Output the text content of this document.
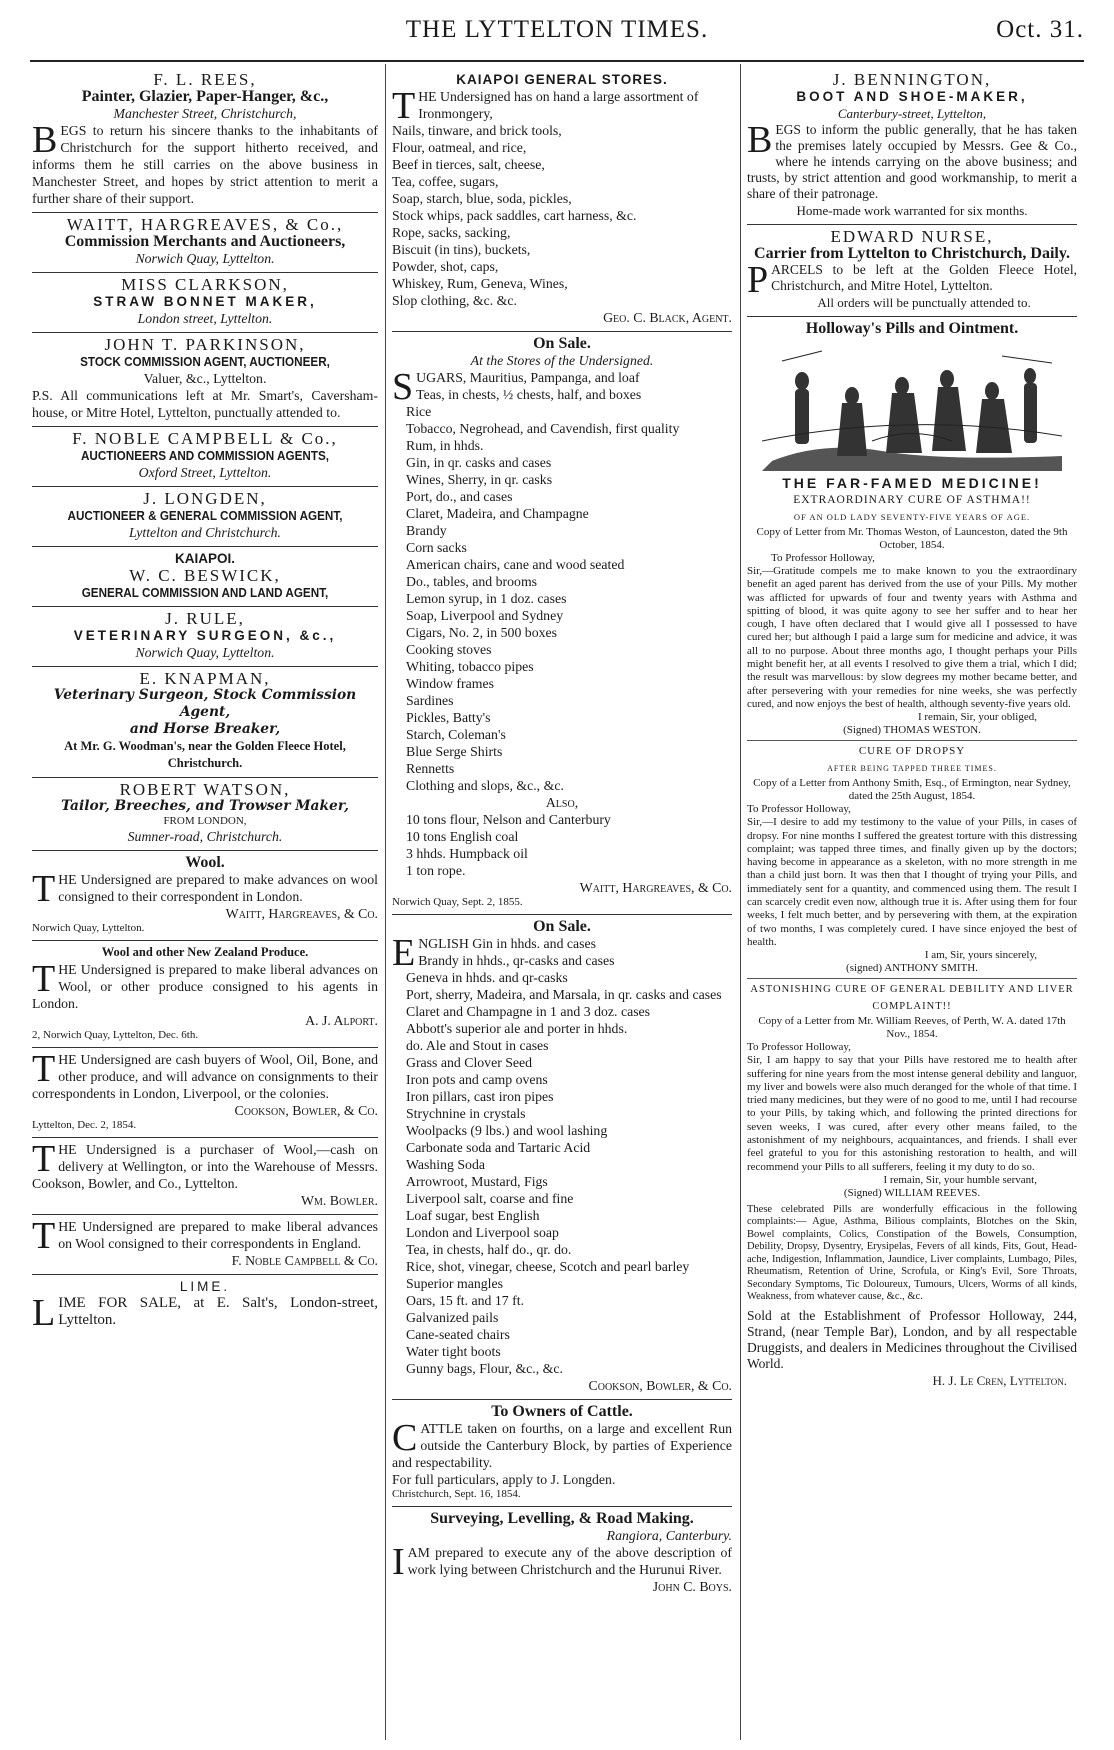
THE LYTTELTON TIMES.	Oct. 31.
F. L. REES,
Painter, Glazier, Paper-Hanger, &c.,
Manchester Street, Christchurch,
BEGS to return his sincere thanks to the inhabitants of Christchurch for the support hitherto received, and informs them he still carries on the above business in Manchester Street, and hopes by strict attention to merit a further share of their support.
WAITT, HARGREAVES, & Co.,
Commission Merchants and Auctioneers,
Norwich Quay, Lyttelton.
MISS CLARKSON,
STRAW BONNET MAKER,
London street, Lyttelton.
JOHN T. PARKINSON,
STOCK COMMISSION AGENT, AUCTIONEER,
Valuer, &c., Lyttelton.
P.S. All communications left at Mr. Smart's, Caversham-house, or Mitre Hotel, Lyttelton, punctually attended to.
F. NOBLE CAMPBELL & Co.,
AUCTIONEERS AND COMMISSION AGENTS,
Oxford Street, Lyttelton.
J. LONGDEN,
AUCTIONEER & GENERAL COMMISSION AGENT,
Lyttelton and Christchurch.
KAIAPOI.
W. C. BESWICK,
GENERAL COMMISSION AND LAND AGENT,
J. RULE,
VETERINARY SURGEON, &c.,
Norwich Quay, Lyttelton.
E. KNAPMAN,
Veterinary Surgeon, Stock Commission Agent,
and Horse Breaker,
At Mr. G. Woodman's, near the Golden Fleece Hotel, Christchurch.
ROBERT WATSON,
Tailor, Breeches, and Trowser Maker,
FROM LONDON,
Sumner-road, Christchurch.
Wool.
THE Undersigned are prepared to make advances on wool consigned to their correspondent in London.
Waitt, Hargreaves, & Co.
Norwich Quay, Lyttelton.
Wool and other New Zealand Produce.
THE Undersigned is prepared to make liberal advances on Wool, or other produce consigned to his agents in London.
A. J. Alport.
2, Norwich Quay, Lyttelton, Dec. 6th.
THE Undersigned are cash buyers of Wool, Oil, Bone, and other produce, and will advance on consignments to their correspondents in London, Liverpool, or the colonies.
Cookson, Bowler, & Co.
Lyttelton, Dec. 2, 1854.
THE Undersigned is a purchaser of Wool,—cash on delivery at Wellington, or into the Warehouse of Messrs. Cookson, Bowler, and Co., Lyttelton.
Wm. Bowler.
THE Undersigned are prepared to make liberal advances on Wool consigned to their correspondents in England.
F. Noble Campbell & Co.
LIME.
LIME FOR SALE, at E. Salt's, London-street, Lyttelton.
KAIAPOI GENERAL STORES.
THE Undersigned has on hand a large assortment of
Ironmongery,
Nails, tinware, and brick tools,
Flour, oatmeal, and rice,
Beef in tierces, salt, cheese,
Tea, coffee, sugars,
Soap, starch, blue, soda, pickles,
Stock whips, pack saddles, cart harness, &c.
Rope, sacks, sacking,
Biscuit (in tins), buckets,
Powder, shot, caps,
Whiskey, Rum, Geneva, Wines,
Slop clothing, &c. &c.
Geo. C. Black, Agent.
On Sale.
At the Stores of the Undersigned.
SUGARS, Mauritius, Pampanga, and loaf
Teas, in chests, ½ chests, half, and boxes
Rice
Tobacco, Negrohead, and Cavendish, first quality
Rum, in hhds.
Gin, in qr. casks and cases
Wines, Sherry, in qr. casks
Port, do., and cases
Claret, Madeira, and Champagne
Brandy
Corn sacks
American chairs, cane and wood seated
Do., tables, and brooms
Lemon syrup, in 1 doz. cases
Soap, Liverpool and Sydney
Cigars, No. 2, in 500 boxes
Cooking stoves
Whiting, tobacco pipes
Window frames
Sardines
Pickles, Batty's
Starch, Coleman's
Blue Serge Shirts
Rennetts
Clothing and slops, &c., &c.
Also,
10 tons flour, Nelson and Canterbury
10 tons English coal
3 hhds. Humpback oil
1 ton rope.
Waitt, Hargreaves, & Co.
Norwich Quay, Sept. 2, 1855.
On Sale.
ENGLISH Gin in hhds. and cases
Brandy in hhds., qr-casks and cases
Geneva in hhds. and qr-casks
Port, sherry, Madeira, and Marsala, in qr. casks and cases
Claret and Champagne in 1 and 3 doz. cases
Abbott's superior ale and porter in hhds.
do. Ale and Stout in cases
Grass and Clover Seed
Iron pots and camp ovens
Iron pillars, cast iron pipes
Strychnine in crystals
Woolpacks (9 lbs.) and wool lashing
Carbonate soda and Tartaric Acid
Washing Soda
Arrowroot, Mustard, Figs
Liverpool salt, coarse and fine
Loaf sugar, best English
London and Liverpool soap
Tea, in chests, half do., qr. do.
Rice, shot, vinegar, cheese, Scotch and pearl barley
Superior mangles
Oars, 15 ft. and 17 ft.
Galvanized pails
Cane-seated chairs
Water tight boots
Gunny bags, Flour, &c., &c.
Cookson, Bowler, & Co.
To Owners of Cattle.
CATTLE taken on fourths, on a large and excellent Run outside the Canterbury Block, by parties of Experience and respectability.
For full particulars, apply to J. Longden.
Christchurch, Sept. 16, 1854.
Surveying, Levelling, & Road Making.
Rangiora, Canterbury.
IAM prepared to execute any of the above description of work lying between Christchurch and the Hurunui River.
John C. Boys.
J. BENNINGTON,
BOOT AND SHOE-MAKER,
Canterbury-street, Lyttelton,
BEGS to inform the public generally, that he has taken the premises lately occupied by Messrs. Gee & Co., where he intends carrying on the above business; and trusts, by strict attention and good workmanship, to merit a share of their patronage.
Home-made work warranted for six months.
EDWARD NURSE,
Carrier from Lyttelton to Christchurch, Daily.
PARCELS to be left at the Golden Fleece Hotel, Christchurch, and Mitre Hotel, Lyttelton.
All orders will be punctually attended to.
Holloway's Pills and Ointment.
THE FAR-FAMED MEDICINE!
EXTRAORDINARY CURE OF ASTHMA!!
OF AN OLD LADY SEVENTY-FIVE YEARS OF AGE.
Copy of Letter from Mr. Thomas Weston, of Launceston, dated the 9th October, 1854.
To Professor Holloway,
Sir,—Gratitude compels me to make known to you the extraordinary benefit an aged parent has derived from the use of your Pills. My mother was afflicted for upwards of four and twenty years with Asthma and spitting of blood, it was quite agony to see her suffer and to hear her cough, I have often declared that I would give all I possessed to have cured her; but although I paid a large sum for medicine and advice, it was all to no purpose. About three months ago, I thought perhaps your Pills might benefit her, at all events I resolved to give them a trial, which I did; the result was marvellous: by slow degrees my mother became better, and after persevering with your remedies for nine weeks, she was perfectly cured, and now enjoys the best of health, although seventy-five years old.
I remain, Sir, your obliged,
(Signed) THOMAS WESTON.
CURE OF DROPSY
AFTER BEING TAPPED THREE TIMES.
Copy of a Letter from Anthony Smith, Esq., of Ermington, near Sydney, dated the 25th August, 1854.
To Professor Holloway,
Sir,—I desire to add my testimony to the value of your Pills, in cases of dropsy. For nine months I suffered the greatest torture with this distressing complaint; was tapped three times, and finally given up by the doctors; having become in appearance as a skeleton, with no more strength in me than a child just born. It was then that I thought of trying your Pills, and immediately sent for a quantity, and commenced using them. The result I can scarcely credit even now, although true it is. After using them for four weeks, I felt much better, and by persevering with them, at the expiration of two months, I was completely cured. I have since enjoyed the best of health.
I am, Sir, yours sincerely,
(signed) ANTHONY SMITH.
ASTONISHING CURE OF GENERAL DEBILITY AND LIVER COMPLAINT!!
Copy of a Letter from Mr. William Reeves, of Perth, W. A. dated 17th Nov., 1854.
To Professor Holloway,
Sir, I am happy to say that your Pills have restored me to health after suffering for nine years from the most intense general debility and languor, my liver and bowels were also much deranged for the whole of that time. I tried many medicines, but they were of no good to me, until I had recourse to your Pills, by taking which, and following the printed directions for seven weeks, I was cured, after every other means failed, to the astonishment of my neighbours, acquaintances, and friends. I shall ever feel grateful to you for this astonishing restoration to health, and will recommend your Pills to all sufferers, feeling it my duty to do so.
I remain, Sir, your humble servant,
(Signed) WILLIAM REEVES.
These celebrated Pills are wonderfully efficacious in the following complaints:— Ague, Asthma, Bilious complaints, Blotches on the Skin, Bowel complaints, Colics, Constipation of the Bowels, Consumption, Debility, Dropsy, Dysentry, Erysipelas, Fevers of all kinds, Fits, Gout, Head-ache, Indigestion, Inflammation, Jaundice, Liver complaints, Lumbago, Piles, Rheumatism, Retention of Urine, Scrofula, or King's Evil, Sore Throats, Secondary Symptoms, Tic Doloureux, Tumours, Ulcers, Worms of all kinds, Weakness, from whatever cause, &c., &c.
Sold at the Establishment of Professor Holloway, 244, Strand, (near Temple Bar), London, and by all respectable Druggists, and dealers in Medicines throughout the Civilised World.
H. J. Le Cren, Lyttelton.
